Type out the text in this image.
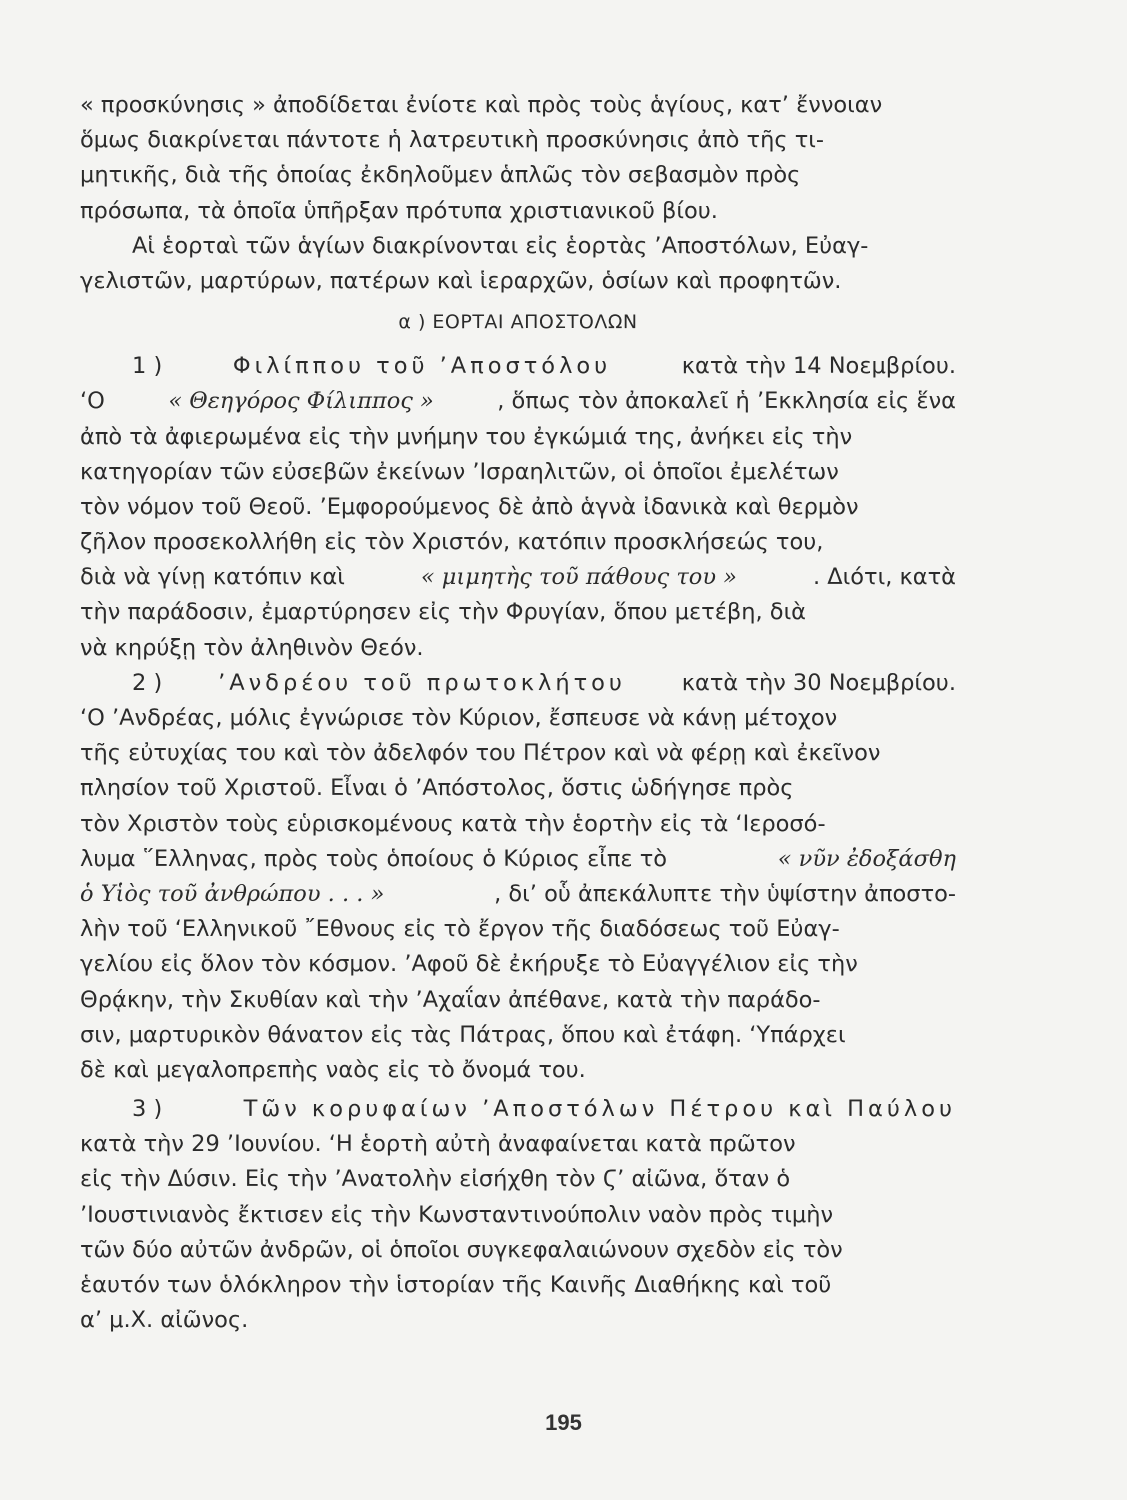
« προσκύνησις » ἀποδίδεται ἐνίοτε καὶ πρὸς τοὺς ἁγίους, κατ’ ἔννοιαν
ὅμως διακρίνεται πάντοτε ἡ λατρευτικὴ προσκύνησις ἀπὸ τῆς τι-
μητικῆς, διὰ τῆς ὁποίας ἐκδηλοῦμεν ἁπλῶς τὸν σεβασμὸν πρὸς
πρόσωπα, τὰ ὁποῖα ὑπῆρξαν πρότυπα χριστιανικοῦ βίου.
Αἱ ἑορταὶ τῶν ἁγίων διακρίνονται εἰς ἑορτὰς ’Αποστόλων, Εὐαγ-
γελιστῶν, μαρτύρων, πατέρων καὶ ἱεραρχῶν, ὁσίων καὶ προφητῶν.
α ) ΕΟΡΤΑΙ ΑΠΟΣΤΟΛΩΝ
1 )	Φιλίππου τοῦ ’Αποστόλου	κατὰ τὴν 14 Νοεμβρίου.
‘Ο	« Θεηγόρος Φίλιππος »	, ὅπως τὸν ἀποκαλεῖ ἡ ’Εκκλησία εἰς ἕνα
ἀπὸ τὰ ἀφιερωμένα εἰς τὴν μνήμην του ἐγκώμιά της, ἀνήκει εἰς τὴν
κατηγορίαν τῶν εὐσεβῶν ἐκείνων ’Ισραηλιτῶν, οἱ ὁποῖοι ἐμελέτων
τὸν νόμον τοῦ Θεοῦ. ’Εμφορούμενος δὲ ἀπὸ ἁγνὰ ἰδανικὰ καὶ θερμὸν
ζῆλον προσεκολλήθη εἰς τὸν Χριστόν, κατόπιν προσκλήσεώς του,
διὰ νὰ γίνῃ κατόπιν καὶ	« μιμητὴς τοῦ πάθους του »	. Διότι, κατὰ
τὴν παράδοσιν, ἐμαρτύρησεν εἰς τὴν Φρυγίαν, ὅπου μετέβη, διὰ
νὰ κηρύξῃ τὸν ἀληθινὸν Θεόν.
2 ) ’Ανδρέου τοῦ πρωτοκλήτου κατὰ τὴν 30 Νοεμβρίου.
‘Ο ’Ανδρέας, μόλις ἐγνώρισε τὸν Κύριον, ἔσπευσε νὰ κάνῃ μέτοχον
τῆς εὐτυχίας του καὶ τὸν ἀδελφόν του Πέτρον καὶ νὰ φέρῃ καὶ ἐκεῖνον
πλησίον τοῦ Χριστοῦ. Εἶναι ὁ ’Απόστολος, ὅστις ὡδήγησε πρὸς
τὸν Χριστὸν τοὺς εὑρισκομένους κατὰ τὴν ἑορτὴν εἰς τὰ ‘Ιεροσό-
λυμα ῞Ελληνας, πρὸς τοὺς ὁποίους ὁ Κύριος εἶπε τὸ	« νῦν ἐδοξάσθη
ὁ Υἱὸς τοῦ ἀνθρώπου . . . »	, δι’ οὗ ἀπεκάλυπτε τὴν ὑψίστην ἀποστο-
λὴν τοῦ ‘Ελληνικοῦ ῎Εθνους εἰς τὸ ἔργον τῆς διαδόσεως τοῦ Εὐαγ-
γελίου εἰς ὅλον τὸν κόσμον. ’Αφοῦ δὲ ἐκήρυξε τὸ Εὐαγγέλιον εἰς τὴν
Θρᾴκην, τὴν Σκυθίαν καὶ τὴν ’Αχαΐαν ἀπέθανε, κατὰ τὴν παράδο-
σιν, μαρτυρικὸν θάνατον εἰς τὰς Πάτρας, ὅπου καὶ ἐτάφη. ‘Υπάρχει
δὲ καὶ μεγαλοπρεπὴς ναὸς εἰς τὸ ὄνομά του.
3 )	Τῶν κορυφαίων ’Αποστόλων Πέτρου καὶ Παύλου
κατὰ τὴν 29 ’Ιουνίου. ‘Η ἑορτὴ αὐτὴ ἀναφαίνεται κατὰ πρῶτον
εἰς τὴν Δύσιν. Εἰς τὴν ’Ανατολὴν εἰσήχθη τὸν Ϛ’ αἰῶνα, ὅταν ὁ
’Ιουστινιανὸς ἔκτισεν εἰς τὴν Κωνσταντινούπολιν ναὸν πρὸς τιμὴν
τῶν δύο αὐτῶν ἀνδρῶν, οἱ ὁποῖοι συγκεφαλαιώνουν σχεδὸν εἰς τὸν
ἑαυτόν των ὁλόκληρον τὴν ἱστορίαν τῆς Καινῆς Διαθήκης καὶ τοῦ
α’ μ.Χ. αἰῶνος.
195
